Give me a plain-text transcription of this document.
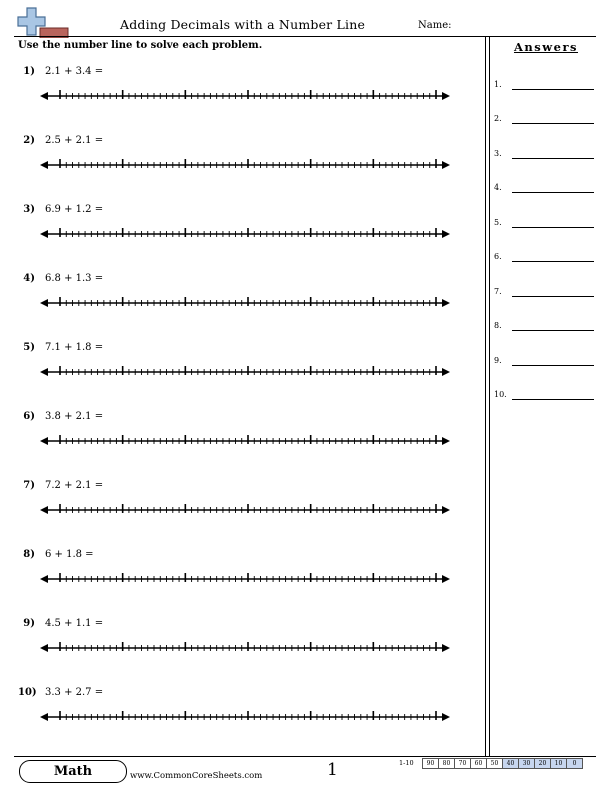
Adding Decimals with a Number Line	Name:
Use the number line to solve each problem.	Answers
1) 2.1 + 3.4 =
2) 2.5 + 2.1 =
3) 6.9 + 1.2 =
4) 6.8 + 1.3 =
5) 7.1 + 1.8 =
6) 3.8 + 2.1 =
7) 7.2 + 2.1 =
8) 6 + 1.8 =
9) 4.5 + 1.1 =
10) 3.3 + 2.7 =
1.
2.
3.
4.
5.
6.
7.
8.
9.
10.
Math	www.CommonCoreSheets.com	1	1-10	90	80	70	60	50	40	30	20	10	0
